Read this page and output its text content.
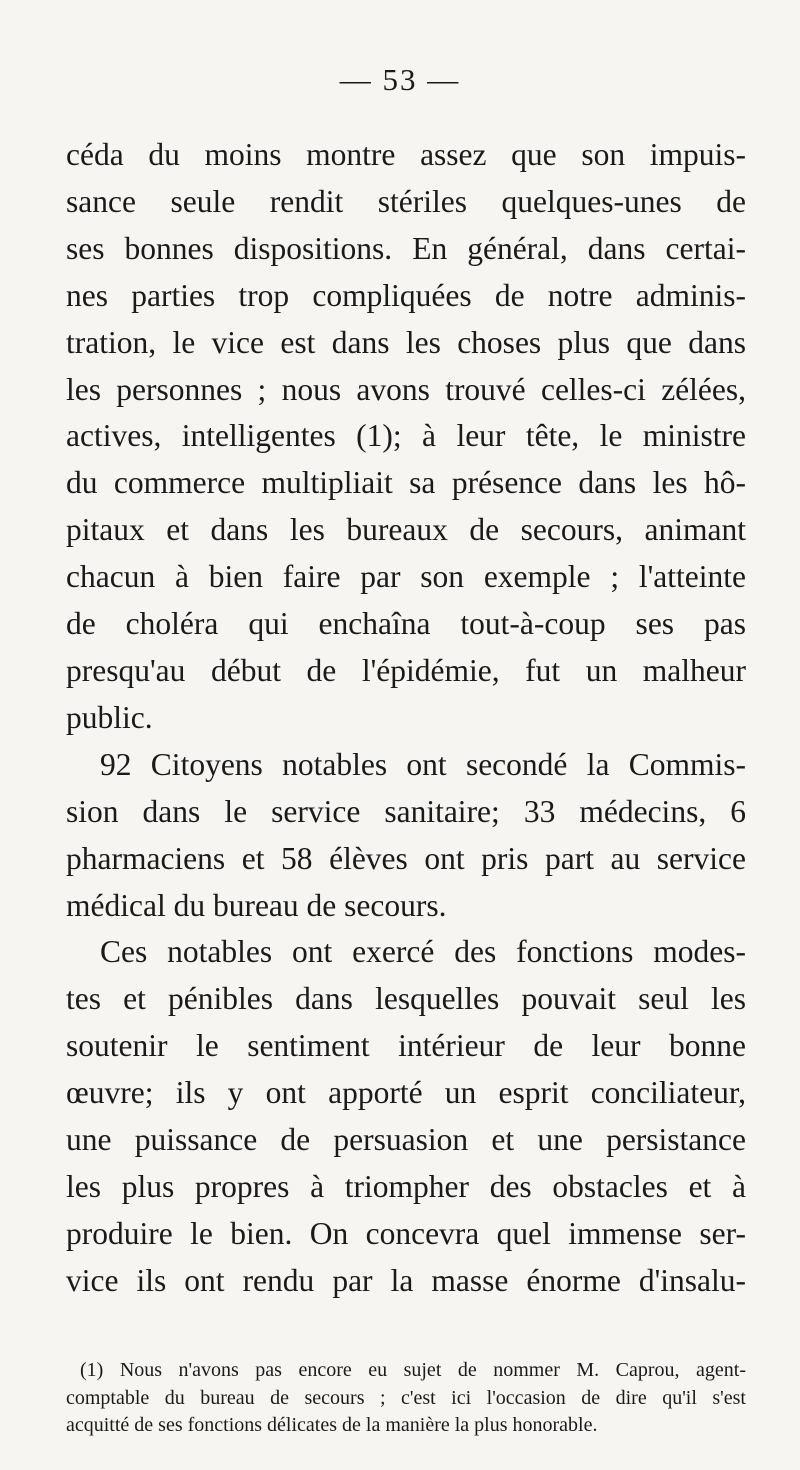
— 53 —
céda du moins montre assez que son impuis-
sance seule rendit stériles quelques-unes de
ses bonnes dispositions. En général, dans certai-
nes parties trop compliquées de notre adminis-
tration, le vice est dans les choses plus que dans
les personnes ; nous avons trouvé celles-ci zélées,
actives, intelligentes (1); à leur tête, le ministre
du commerce multipliait sa présence dans les hô-
pitaux et dans les bureaux de secours, animant
chacun à bien faire par son exemple ; l'atteinte
de choléra qui enchaîna tout-à-coup ses pas
presqu'au début de l'épidémie, fut un malheur
public.
92 Citoyens notables ont secondé la Commis-
sion dans le service sanitaire; 33 médecins, 6
pharmaciens et 58 élèves ont pris part au service
médical du bureau de secours.
Ces notables ont exercé des fonctions modes-
tes et pénibles dans lesquelles pouvait seul les
soutenir le sentiment intérieur de leur bonne
œuvre; ils y ont apporté un esprit conciliateur,
une puissance de persuasion et une persistance
les plus propres à triompher des obstacles et à
produire le bien. On concevra quel immense ser-
vice ils ont rendu par la masse énorme d'insalu-
(1) Nous n'avons pas encore eu sujet de nommer M. Caprou, agent-
comptable du bureau de secours ; c'est ici l'occasion de dire qu'il s'est
acquitté de ses fonctions délicates de la manière la plus honorable.
